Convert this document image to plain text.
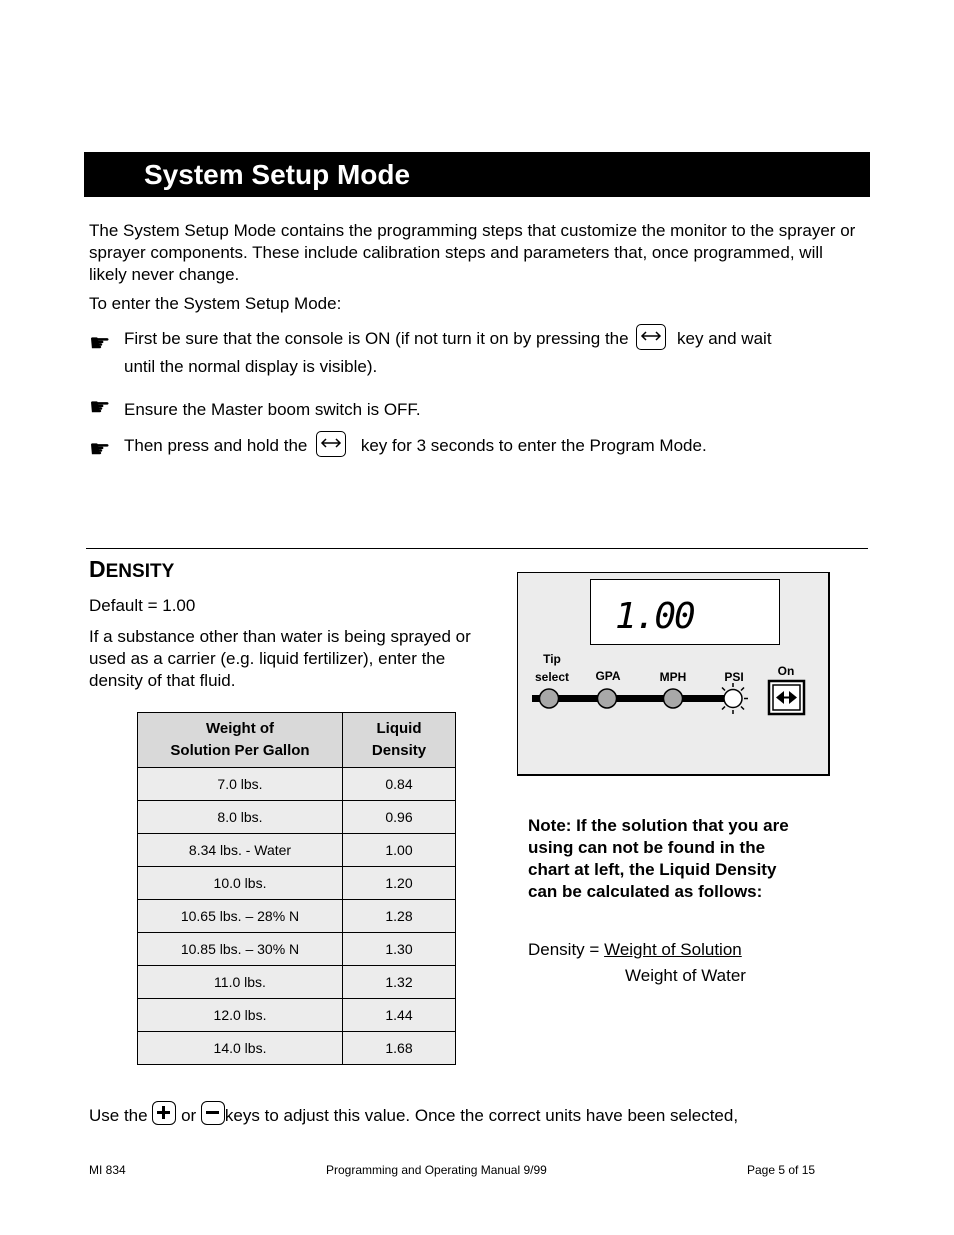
System Setup Mode
The System Setup Mode contains the programming steps that customize the monitor to the sprayer or sprayer components. These include calibration steps and parameters that, once programmed, will likely never change.
To enter the System Setup Mode:
☛ First be sure that the console is ON (if not turn it on by pressing the	key and wait
until the normal display is visible).
☛ Ensure the Master boom switch is OFF.
☛ Then press and hold the	key for 3 seconds to enter the Program Mode.
DENSITY
Default = 1.00
If a substance other than water is being sprayed or used as a carrier (e.g. liquid fertilizer), enter the density of that fluid.
Weight of
Solution Per Gallon	Liquid
Density
7.0 lbs.	0.84
8.0 lbs.	0.96
8.34 lbs. - Water	1.00
10.0 lbs.	1.20
10.65 lbs. – 28% N	1.28
10.85 lbs. – 30% N	1.30
11.0 lbs.	1.32
12.0 lbs.	1.44
14.0 lbs.	1.68
1.00
Tip
select	GPA	MPH	PSI	On
Note: If the solution that you are using can not be found in the chart at left, the Liquid Density can be calculated as follows:
Density = Weight of Solution
Weight of Water
Use the or keys to adjust this value. Once the correct units have been selected,
MI 834	Programming and Operating Manual 9/99	Page 5 of 15
